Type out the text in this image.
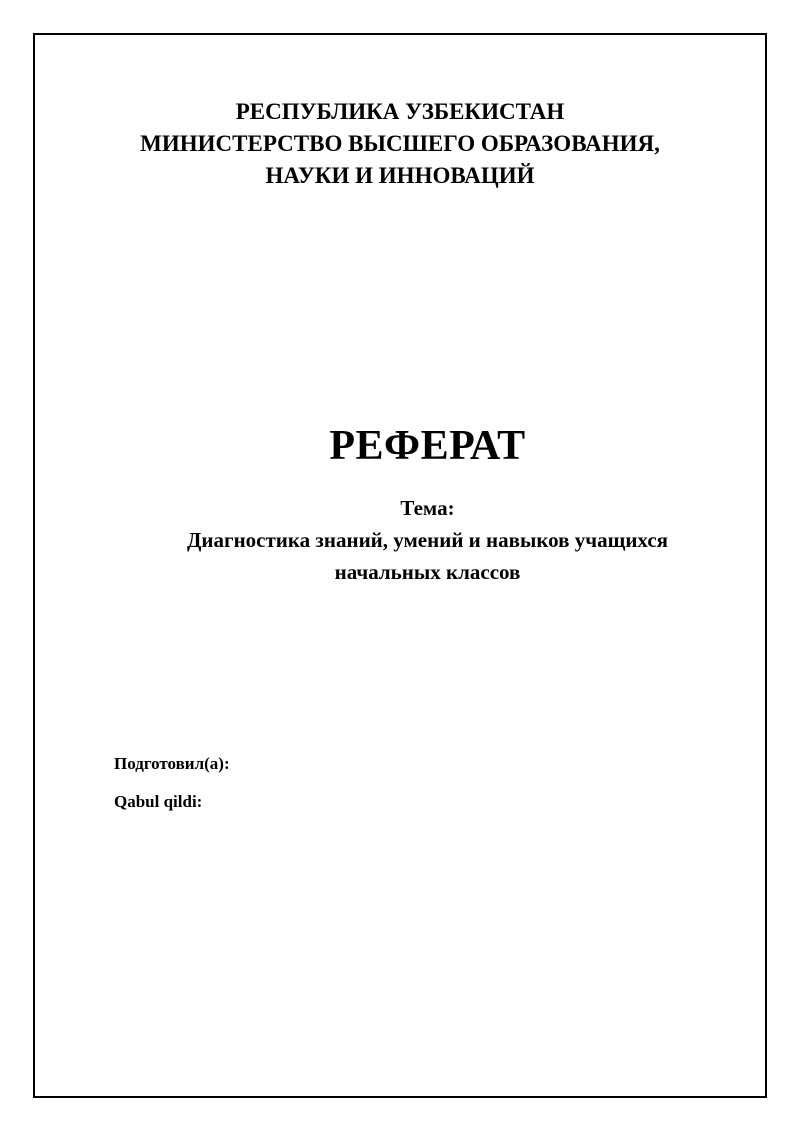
РЕСПУБЛИКА УЗБЕКИСТАН
МИНИСТЕРСТВО ВЫСШЕГО ОБРАЗОВАНИЯ,
НАУКИ И ИННОВАЦИЙ
РЕФЕРАТ
Тема:
Диагностика знаний, умений и навыков учащихся
начальных классов
Подготовил(а):
Qabul qildi:
